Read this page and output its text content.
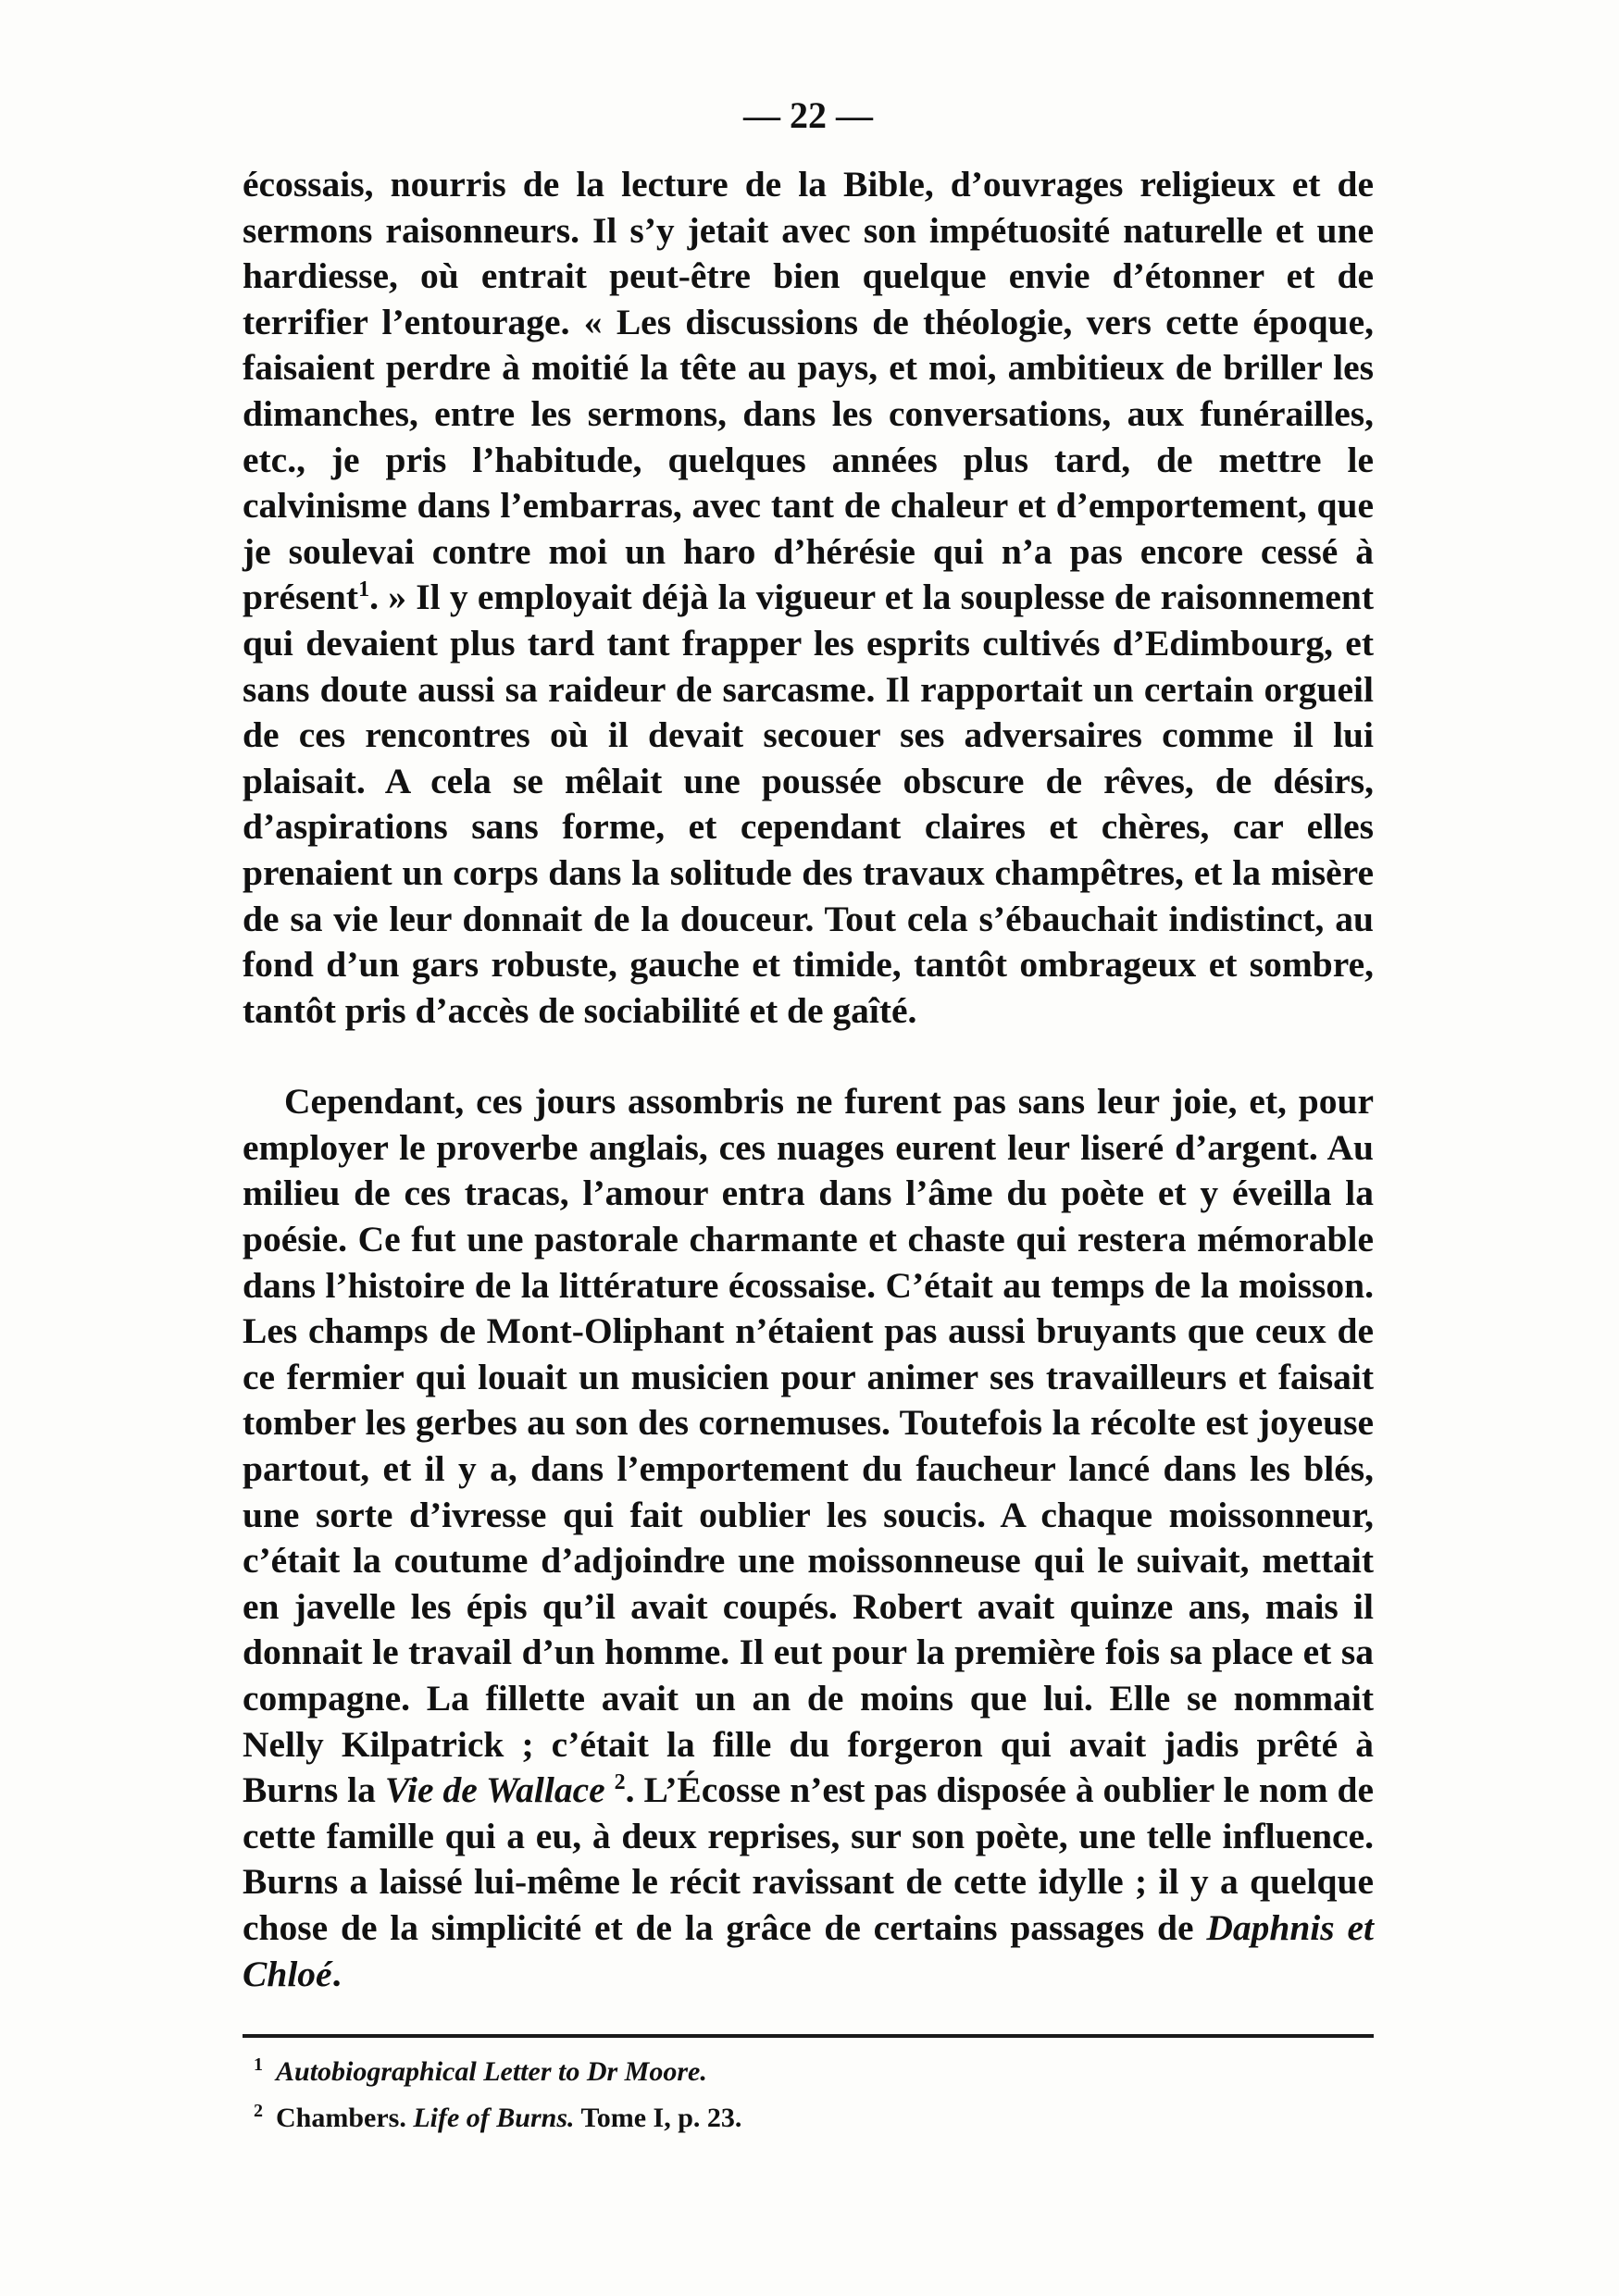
— 22 —

écossais, nourris de la lecture de la Bible, d’ouvrages religieux et de sermons raisonneurs. Il s’y jetait avec son impétuosité naturelle et une hardiesse, où entrait peut-être bien quelque envie d’étonner et de terrifier l’entourage. « Les discussions de théologie, vers cette époque, faisaient perdre à moitié la tête au pays, et moi, ambitieux de briller les dimanches, entre les sermons, dans les conversations, aux funérailles, etc., je pris l’habitude, quelques années plus tard, de mettre le calvinisme dans l’embarras, avec tant de chaleur et d’emportement, que je soulevai contre moi un haro d’hérésie qui n’a pas encore cessé à présent$^1$. » Il y employait déjà la vigueur et la souplesse de raisonnement qui devaient plus tard tant frapper les esprits cultivés d’Edimbourg, et sans doute aussi sa raideur de sarcasme. Il rapportait un certain orgueil de ces rencontres où il devait secouer ses adversaires comme il lui plaisait. A cela se mêlait une poussée obscure de rêves, de désirs, d’aspirations sans forme, et cependant claires et chères, car elles prenaient un corps dans la solitude des travaux champêtres, et la misère de sa vie leur donnait de la douceur. Tout cela s’ébauchait indistinct, au fond d’un gars robuste, gauche et timide, tantôt ombrageux et sombre, tantôt pris d’accès de sociabilité et de gaîté.

Cependant, ces jours assombris ne furent pas sans leur joie, et, pour employer le proverbe anglais, ces nuages eurent leur liseré d’argent. Au milieu de ces tracas, l’amour entra dans l’âme du poète et y éveilla la poésie. Ce fut une pastorale charmante et chaste qui restera mémorable dans l’histoire de la littérature écossaise. C’était au temps de la moisson. Les champs de Mont-Oliphant n’étaient pas aussi bruyants que ceux de ce fermier qui louait un musicien pour animer ses travailleurs et faisait tomber les gerbes au son des cornemuses. Toutefois la récolte est joyeuse partout, et il y a, dans l’emportement du faucheur lancé dans les blés, une sorte d’ivresse qui fait oublier les soucis. A chaque moissonneur, c’était la coutume d’adjoindre une moissonneuse qui le suivait, mettait en javelle les épis qu’il avait coupés. Robert avait quinze ans, mais il donnait le travail d’un homme. Il eut pour la première fois sa place et sa compagne. La fillette avait un an de moins que lui. Elle se nommait Nelly Kilpatrick ; c’était la fille du forgeron qui avait jadis prêté à Burns la Vie de Wallace $^2$. L’Écosse n’est pas disposée à oublier le nom de cette famille qui a eu, à deux reprises, sur son poète, une telle influence. Burns a laissé lui-même le récit ravissant de cette idylle ; il y a quelque chose de la simplicité et de la grâce de certains passages de Daphnis et Chloé.

$^1$ Autobiographical Letter to Dr Moore.
$^2$ Chambers. Life of Burns. Tome I, p. 23.
